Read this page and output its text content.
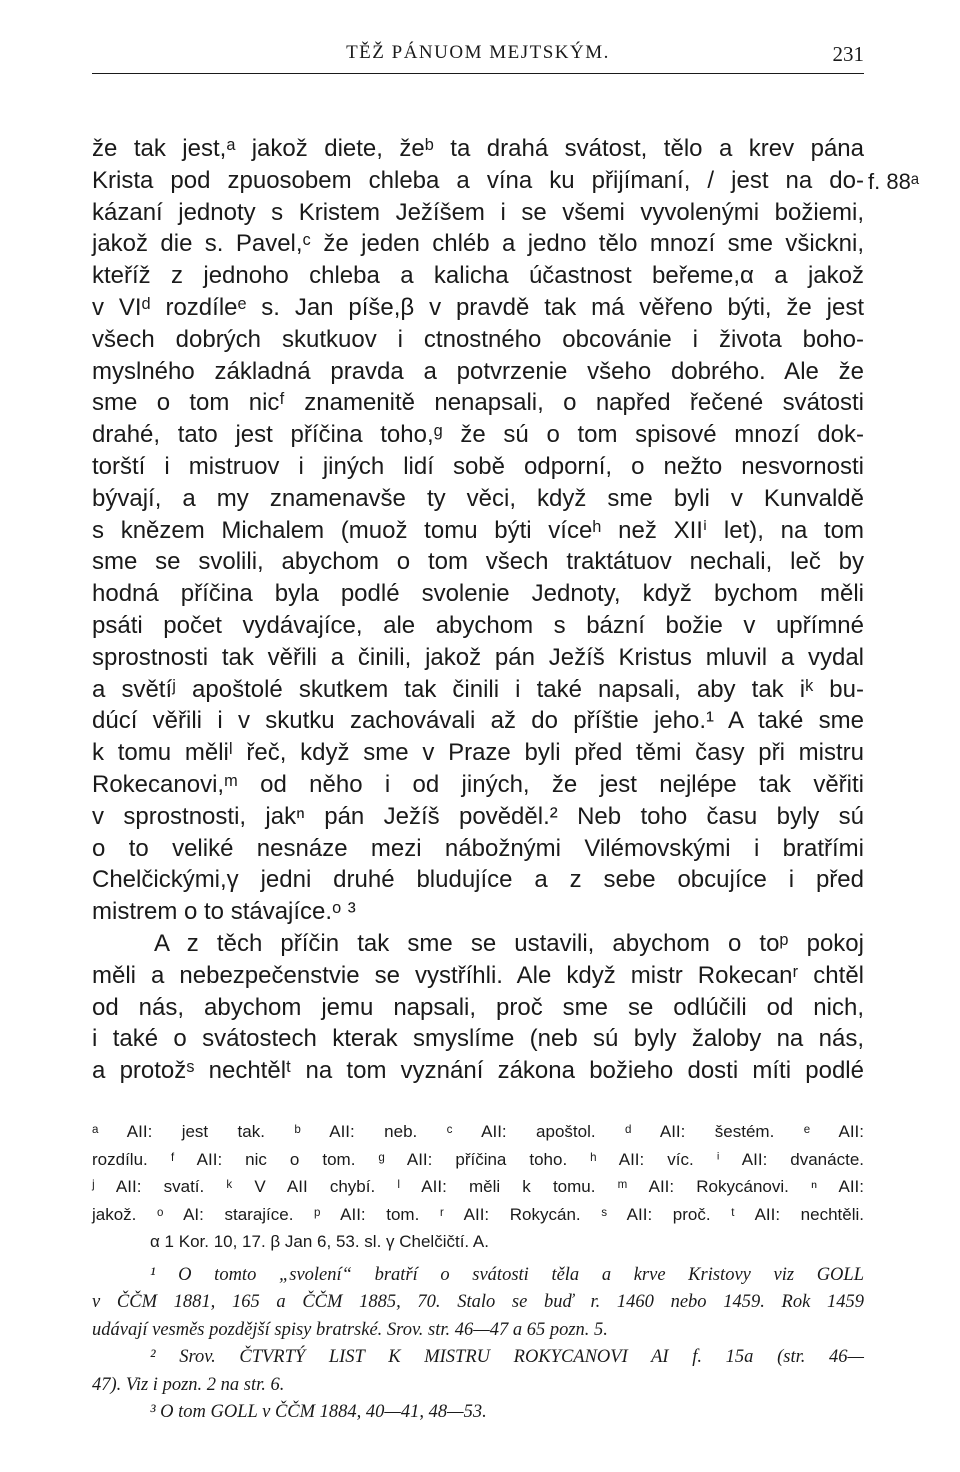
TĚŽ PÁNUOM MEJTSKÝM.	231
f. 88ᵃ
že tak jest,ᵃ jakož diete, žeᵇ ta drahá svátost, tělo a krev pána
Krista pod zpuosobem chleba a vína ku přijímaní, / jest na do-
kázaní jednoty s Kristem Ježíšem i se všemi vyvolenými božiemi,
jakož die s. Pavel,ᶜ že jeden chléb a jedno tělo mnozí sme všickni,
kteříž z jednoho chleba a kalicha účastnost beřeme,α a jakož
v VIᵈ rozdíleᵉ s. Jan píše,β v pravdě tak má věřeno býti, že jest
všech dobrých skutkuov i ctnostného obcovánie i života boho-
myslného základná pravda a potvrzenie všeho dobrého. Ale že
sme o tom nicᶠ znamenitě nenapsali, o napřed řečené svátosti
drahé, tato jest příčina toho,ᵍ že sú o tom spisové mnozí dok-
torští i mistruov i jiných lidí sobě odporní, o nežto nesvornosti
bývají, a my znamenavše ty věci, když sme byli v Kunvaldě
s knězem Michalem (muož tomu býti víceʰ než XIIⁱ let), na tom
sme se svolili, abychom o tom všech traktátuov nechali, leč by
hodná příčina byla podlé svolenie Jednoty, když bychom měli
psáti počet vydávajíce, ale abychom s bázní božie v upřímné
sprostnosti tak věřili a činili, jakož pán Ježíš Kristus mluvil a vydal
a světíʲ apoštolé skutkem tak činili i také napsali, aby tak iᵏ bu-
dúcí věřili i v skutku zachovávali až do příštie jeho.¹ A také sme
k tomu měliˡ řeč, když sme v Praze byli před těmi časy při mistru
Rokecanovi,ᵐ od něho i od jiných, že jest nejlépe tak věřiti
v sprostnosti, jakⁿ pán Ježíš pověděl.² Neb toho času byly sú
o to veliké nesnáze mezi nábožnými Vilémovskými i bratřími
Chelčickými,γ jedni druhé bludujíce a z sebe obcujíce i před
mistrem o to stávajíce.ᵒ ³
A z těch příčin tak sme se ustavili, abychom o toᵖ pokoj
měli a nebezpečenstvie se vystříhli. Ale když mistr Rokecanʳ chtěl
od nás, abychom jemu napsali, proč sme se odlúčili od nich,
i také o svátostech kterak smyslíme (neb sú byly žaloby na nás,
a protožˢ nechtělᵗ na tom vyznání zákona božieho dosti míti podlé
ᵃ AII: jest tak. ᵇ AII: neb. ᶜ AII: apoštol. ᵈ AII: šestém. ᵉ AII:
rozdílu. ᶠ AII: nic o tom. ᵍ AII: příčina toho. ʰ AII: víc. ⁱ AII: dvanácte.
ʲ AII: svatí. ᵏ V AII chybí. ˡ AII: měli k tomu. ᵐ AII: Rokycánovi. ⁿ AII:
jakož. ᵒ AI: starajíce. ᵖ AII: tom. ʳ AII: Rokycán. ˢ AII: proč. ᵗ AII: nechtěli.
α 1 Kor. 10, 17. β Jan 6, 53. sl. γ Chelčičtí. A.
¹ O tomto „svolení“ bratří o svátosti těla a krve Kristovy viz GOLL
v ČČM 1881, 165 a ČČM 1885, 70. Stalo se buď r. 1460 nebo 1459. Rok 1459
udávají vesměs pozdější spisy bratrské. Srov. str. 46—47 a 65 pozn. 5.
² Srov. ČTVRTÝ LIST K MISTRU ROKYCANOVI AI f. 15a (str. 46—
47). Viz i pozn. 2 na str. 6.
³ O tom GOLL v ČČM 1884, 40—41, 48—53.
